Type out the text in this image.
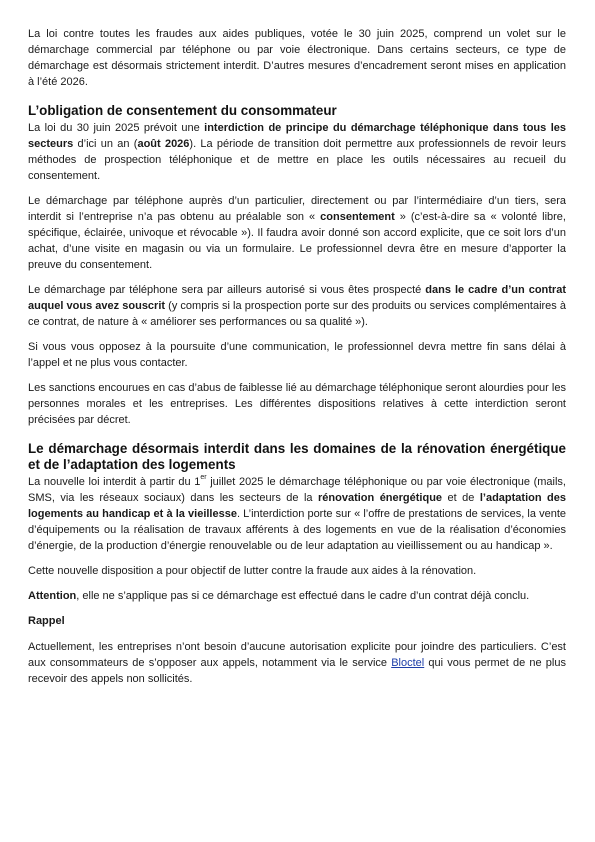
La loi contre toutes les fraudes aux aides publiques, votée le 30 juin 2025, comprend un volet sur le démarchage commercial par téléphone ou par voie électronique. Dans certains secteurs, ce type de démarchage est désormais strictement interdit. D’autres mesures d’encadrement seront mises en application à l’été 2026.

L’obligation de consentement du consommateur

La loi du 30 juin 2025 prévoit une interdiction de principe du démarchage téléphonique dans tous les secteurs d’ici un an (août 2026). La période de transition doit permettre aux professionnels de revoir leurs méthodes de prospection téléphonique et de mettre en place les outils nécessaires au recueil du consentement.

Le démarchage par téléphone auprès d’un particulier, directement ou par l’intermédiaire d’un tiers, sera interdit si l’entreprise n’a pas obtenu au préalable son « consentement » (c’est-à-dire sa « volonté libre, spécifique, éclairée, univoque et révocable »). Il faudra avoir donné son accord explicite, que ce soit lors d’un achat, d’une visite en magasin ou via un formulaire. Le professionnel devra être en mesure d’apporter la preuve du consentement.

Le démarchage par téléphone sera par ailleurs autorisé si vous êtes prospecté dans le cadre d’un contrat auquel vous avez souscrit (y compris si la prospection porte sur des produits ou services complémentaires à ce contrat, de nature à « améliorer ses performances ou sa qualité »).

Si vous vous opposez à la poursuite d’une communication, le professionnel devra mettre fin sans délai à l’appel et ne plus vous contacter.

Les sanctions encourues en cas d’abus de faiblesse lié au démarchage téléphonique seront alourdies pour les personnes morales et les entreprises. Les différentes dispositions relatives à cette interdiction seront précisées par décret.

Le démarchage désormais interdit dans les domaines de la rénovation énergétique et de l’adaptation des logements

La nouvelle loi interdit à partir du 1er juillet 2025 le démarchage téléphonique ou par voie électronique (mails, SMS, via les réseaux sociaux) dans les secteurs de la rénovation énergétique et de l’adaptation des logements au handicap et à la vieillesse. L’interdiction porte sur « l’offre de prestations de services, la vente d’équipements ou la réalisation de travaux afférents à des logements en vue de la réalisation d’économies d’énergie, de la production d’énergie renouvelable ou de leur adaptation au vieillissement ou au handicap ».

Cette nouvelle disposition a pour objectif de lutter contre la fraude aux aides à la rénovation.

Attention, elle ne s’applique pas si ce démarchage est effectué dans le cadre d’un contrat déjà conclu.

Rappel

Actuellement, les entreprises n’ont besoin d’aucune autorisation explicite pour joindre des particuliers. C’est aux consommateurs de s’opposer aux appels, notamment via le service Bloctel qui vous permet de ne plus recevoir des appels non sollicités.
